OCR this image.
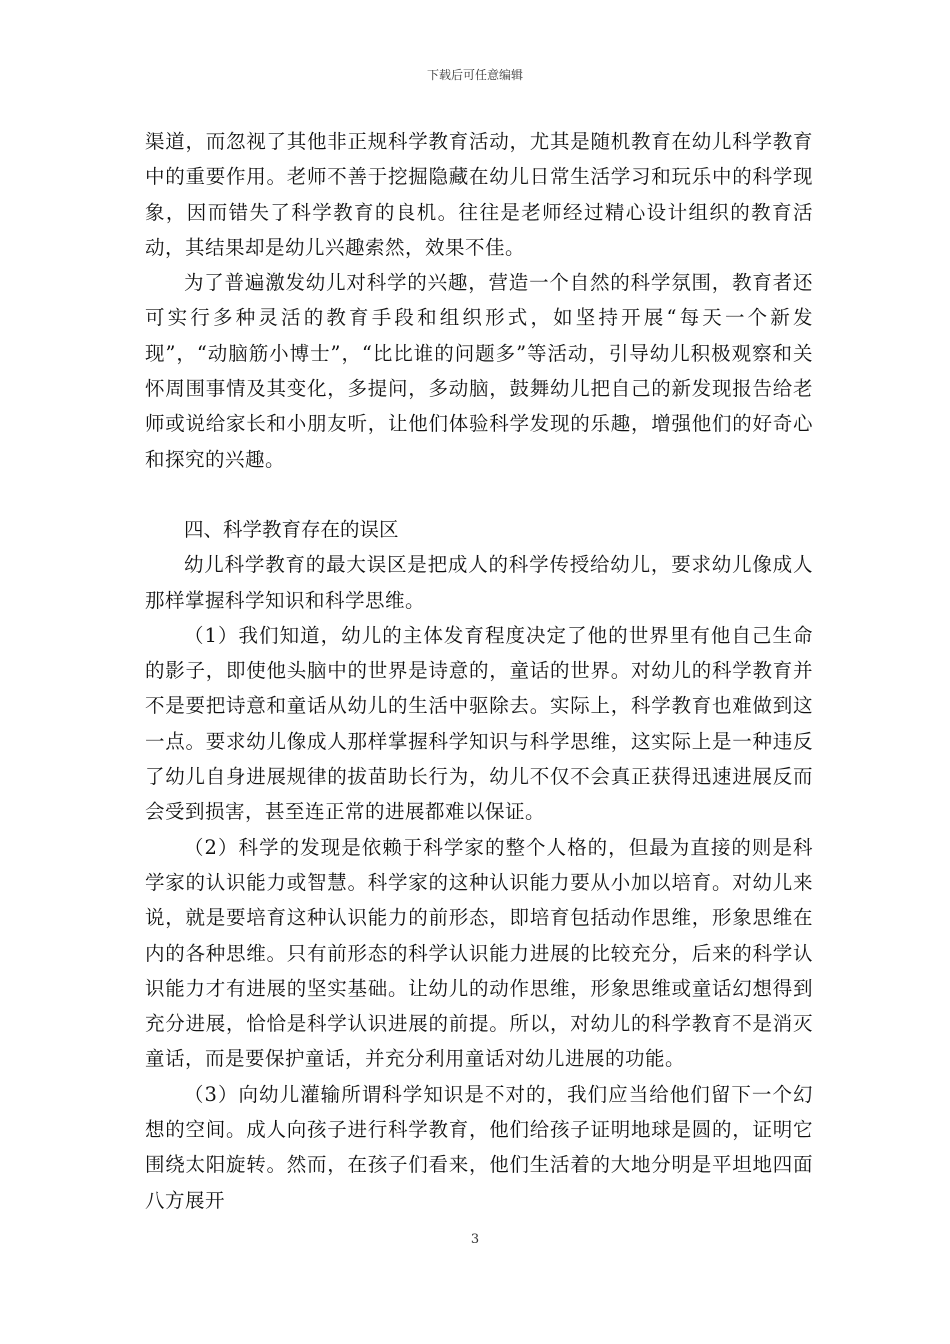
下载后可任意编辑

渠道，而忽视了其他非正规科学教育活动，尤其是随机教育在幼儿科学教育中的重要作用。老师不善于挖掘隐藏在幼儿日常生活学习和玩乐中的科学现象，因而错失了科学教育的良机。往往是老师经过精心设计组织的教育活动，其结果却是幼儿兴趣索然，效果不佳。

为了普遍激发幼儿对科学的兴趣，营造一个自然的科学氛围，教育者还可实行多种灵活的教育手段和组织形式，如坚持开展“每天一个新发现”，“动脑筋小博士”，“比比谁的问题多”等活动，引导幼儿积极观察和关怀周围事情及其变化，多提问，多动脑，鼓舞幼儿把自己的新发现报告给老师或说给家长和小朋友听，让他们体验科学发现的乐趣，增强他们的好奇心和探究的兴趣。

四、科学教育存在的误区

幼儿科学教育的最大误区是把成人的科学传授给幼儿，要求幼儿像成人那样掌握科学知识和科学思维。

（1）我们知道，幼儿的主体发育程度决定了他的世界里有他自己生命的影子，即使他头脑中的世界是诗意的，童话的世界。对幼儿的科学教育并不是要把诗意和童话从幼儿的生活中驱除去。实际上，科学教育也难做到这一点。要求幼儿像成人那样掌握科学知识与科学思维，这实际上是一种违反了幼儿自身进展规律的拔苗助长行为，幼儿不仅不会真正获得迅速进展反而会受到损害，甚至连正常的进展都难以保证。

（2）科学的发现是依赖于科学家的整个人格的，但最为直接的则是科学家的认识能力或智慧。科学家的这种认识能力要从小加以培育。对幼儿来说，就是要培育这种认识能力的前形态，即培育包括动作思维，形象思维在内的各种思维。只有前形态的科学认识能力进展的比较充分，后来的科学认识能力才有进展的坚实基础。让幼儿的动作思维，形象思维或童话幻想得到充分进展，恰恰是科学认识进展的前提。所以，对幼儿的科学教育不是消灭童话，而是要保护童话，并充分利用童话对幼儿进展的功能。

（3）向幼儿灌输所谓科学知识是不对的，我们应当给他们留下一个幻想的空间。成人向孩子进行科学教育，他们给孩子证明地球是圆的，证明它围绕太阳旋转。然而，在孩子们看来，他们生活着的大地分明是平坦地四面八方展开

3
